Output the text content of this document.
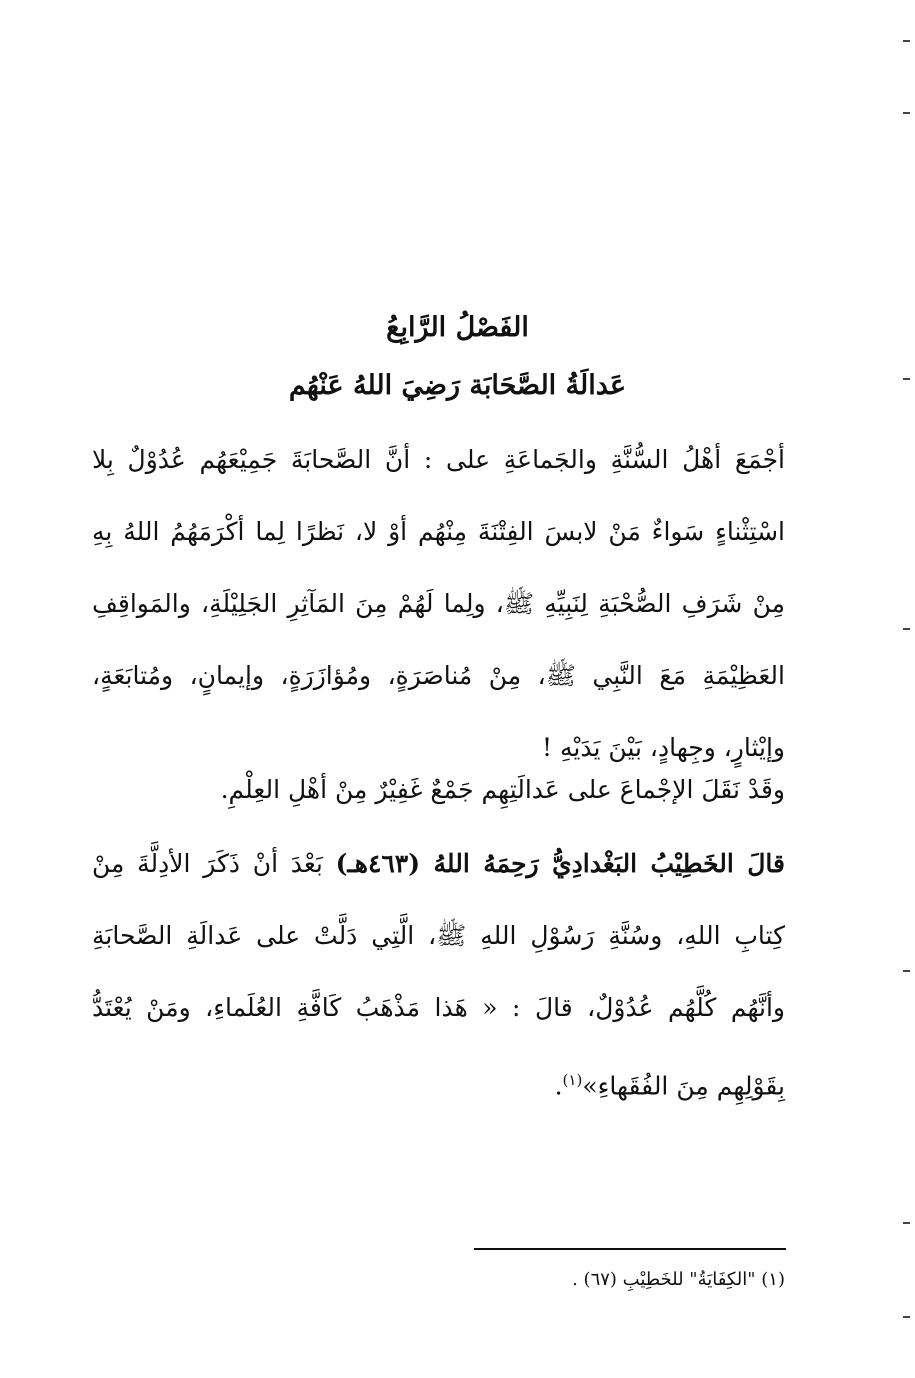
الفَصْلُ الرَّابِعُ
عَدالَةُ الصَّحَابَة رَضِيَ اللهُ عَنْهُم

أجْمَعَ أهْلُ السُّنَّةِ والجَماعَةِ على : أنَّ الصَّحابَةَ جَمِيْعَهُم عُدُوْلٌ بِلا اسْتِثْناءٍ سَواءٌ مَنْ لابسَ الفِتْنَةَ مِنْهُم أوْ لا، نَظرًا لِما أكْرَمَهُمُ اللهُ بِهِ مِنْ شَرَفِ الصُّحْبَةِ لِنَبِيِّهِ ﷺ، ولِما لَهُمْ مِنَ المَآثِرِ الجَلِيْلَةِ، والمَواقِفِ العَظِيْمَةِ مَعَ النَّبِي ﷺ، مِنْ مُناصَرَةٍ، ومُؤازَرَةٍ، وإيمانٍ، ومُتابَعَةٍ، وإيْثارٍ، وجِهادٍ، بَيْنَ يَدَيْهِ !

وقَدْ نَقَلَ الإجْماعَ على عَدالَتِهِم جَمْعٌ غَفِيْرٌ مِنْ أهْلِ العِلْمِ.

قالَ الخَطِيْبُ البَغْدادِيُّ رَحِمَهُ اللهُ (٤٦٣هـ) بَعْدَ أنْ ذَكَرَ الأدِلَّةَ مِنْ كِتابِ اللهِ، وسُنَّةِ رَسُوْلِ اللهِ ﷺ، الَّتِي دَلَّتْ على عَدالَةِ الصَّحابَةِ وأنَّهُم كُلَّهُم عُدُوْلٌ، قالَ : « هَذا مَذْهَبُ كَافَّةِ العُلَماءِ، ومَنْ يُعْتَدُّ بِقَوْلِهِم مِنَ الفُقَهاءِ»$^{(١)}$.

(١) "الكِفَايَةُ" للخَطِيْبِ (٦٧) .
